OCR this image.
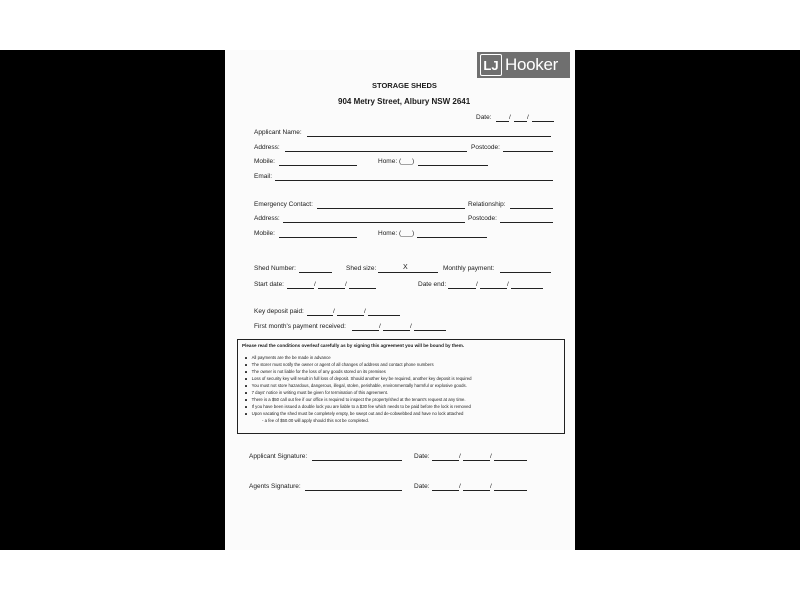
LJ Hooker
STORAGE SHEDS
904 Metry Street, Albury NSW 2641
Date:	/ /
Applicant Name:
Address:	Postcode:
Mobile:	Home: (___)
Email:
Emergency Contact:	Relationship:
Address:	Postcode:
Mobile:	Home: (___)
Shed Number:	Shed size:	X	Monthly payment:
Start date:	/	/	Date end:	/	/
Key deposit paid:	/	/
First month's payment received:	/	/
Please read the conditions overleaf carefully as by signing this agreement you will be bound by them.
All payments are the be made in advance
The storer must notify the owner or agent of all changes of address and contact phone numbers
The owner is not liable for the loss of any goods stored on its premises
Loss of security key will result in full loss of deposit. Should another key be required, another key deposit is required
You must not store hazardous, dangerous, illegal, stolen, perishable, environmentally harmful or explosive goods.
7 days' notice in writing must be given for termination of this agreement.
There is a $50 call out fee if our office is required to inspect the property/shed at the tenant's request at any time.
If you have been issued a double lock you are liable to a $30 fee which needs to be paid before the lock is removed
Upon vacating the shed must be completely empty, be swept out and de-cobwebbed and have no lock attached
- a fee of $50.00 will apply should this not be completed.
Applicant Signature:	Date:	/	/
Agents Signature:	Date:	/	/
